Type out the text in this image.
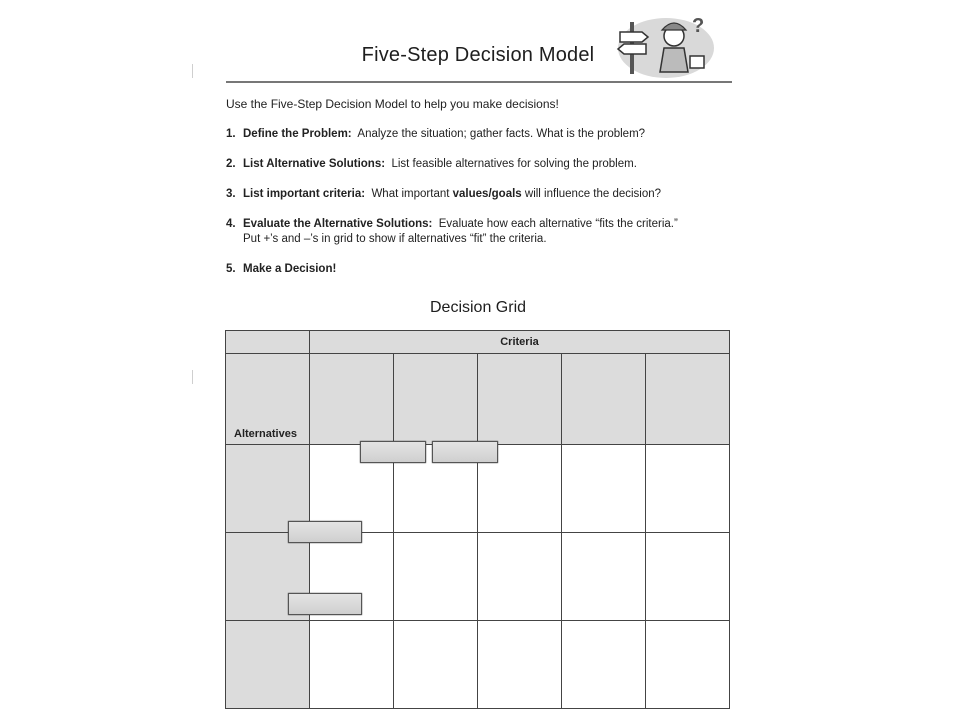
Five-Step Decision Model
?
Use the Five-Step Decision Model to help you make decisions!
1. Define the Problem: Analyze the situation; gather facts. What is the problem?
2. List Alternative Solutions: List feasible alternatives for solving the problem.
3. List important criteria: What important values/goals will influence the decision?
4. Evaluate the Alternative Solutions: Evaluate how each alternative “fits the criteria.”
Put +’s and –’s in grid to show if alternatives “fit” the criteria.
5. Make a Decision!
Decision Grid
	Criteria				
Alternatives					
